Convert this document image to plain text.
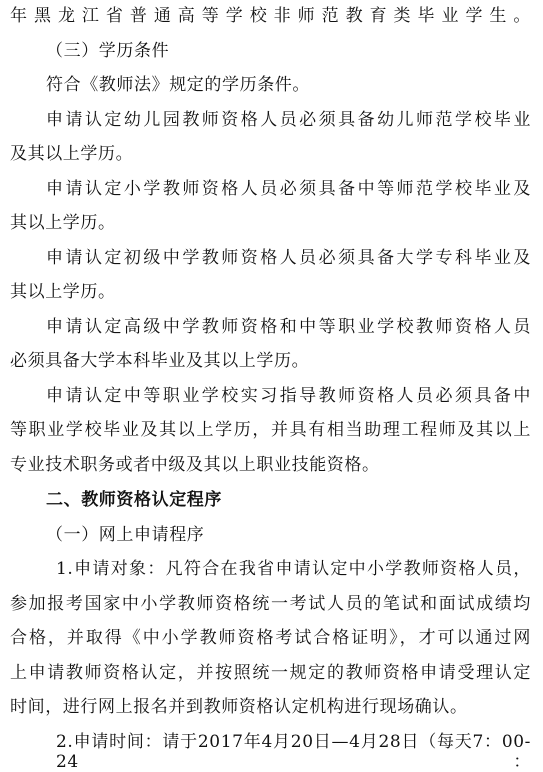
年黑龙江省普通高等学校非师范教育类毕业学生。
（三）学历条件
符合《教师法》规定的学历条件。
申请认定幼儿园教师资格人员必须具备幼儿师范学校毕业
及其以上学历。
申请认定小学教师资格人员必须具备中等师范学校毕业及
其以上学历。
申请认定初级中学教师资格人员必须具备大学专科毕业及
其以上学历。
申请认定高级中学教师资格和中等职业学校教师资格人员
必须具备大学本科毕业及其以上学历。
申请认定中等职业学校实习指导教师资格人员必须具备中
等职业学校毕业及其以上学历，并具有相当助理工程师及其以上
专业技术职务或者中级及其以上职业技能资格。
二、教师资格认定程序
（一）网上申请程序
1.申请对象：凡符合在我省申请认定中小学教师资格人员，
参加报考国家中小学教师资格统一考试人员的笔试和面试成绩均
合格，并取得《中小学教师资格考试合格证明》，才可以通过网
上申请教师资格认定，并按照统一规定的教师资格申请受理认定
时间，进行网上报名并到教师资格认定机构进行现场确认。
2.申请时间：请于2017年4月20日—4月28日（每天7：00-24：
